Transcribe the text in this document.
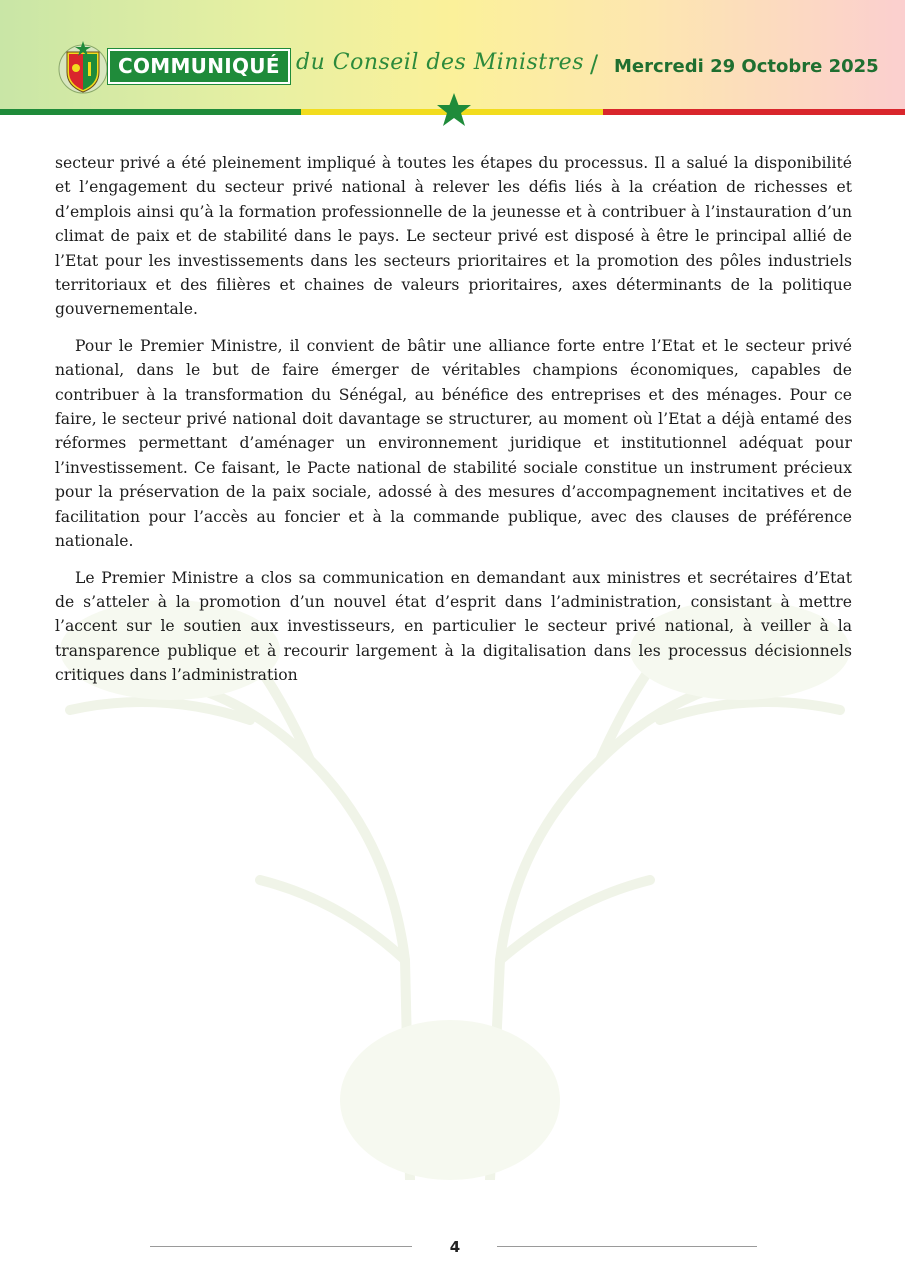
COMMUNIQUÉ du Conseil des Ministres / Mercredi 29 Octobre 2025

secteur privé a été pleinement impliqué à toutes les étapes du processus. Il a salué la disponibilité et l’engagement du secteur privé national à relever les défis liés à la création de richesses et d’emplois ainsi qu’à la formation professionnelle de la jeunesse et à contribuer à l’instauration d’un climat de paix et de stabilité dans le pays. Le secteur privé est disposé à être le principal allié de l’Etat pour les investissements dans les secteurs prioritaires et la promotion des pôles industriels territoriaux et des filières et chaines de valeurs prioritaires, axes déterminants de la politique gouvernementale.

Pour le Premier Ministre, il convient de bâtir une alliance forte entre l’Etat et le secteur privé national, dans le but de faire émerger de véritables champions économiques, capables de contribuer à la transformation du Sénégal, au bénéfice des entreprises et des ménages. Pour ce faire, le secteur privé national doit davantage se structurer, au moment où l’Etat a déjà entamé des réformes permettant d’aménager un environnement juridique et institutionnel adéquat pour l’investissement. Ce faisant, le Pacte national de stabilité sociale constitue un instrument précieux pour la préservation de la paix sociale, adossé à des mesures d’accompagnement incitatives et de facilitation pour l’accès au foncier et à la commande publique, avec des clauses de préférence nationale.

Le Premier Ministre a clos sa communication en demandant aux ministres et secrétaires d’Etat de s’atteler à la promotion d’un nouvel état d’esprit dans l’administration, consistant à mettre l’accent sur le soutien aux investisseurs, en particulier le secteur privé national, à veiller à la transparence publique et à recourir largement à la digitalisation dans les processus décisionnels critiques dans l’administration

4
